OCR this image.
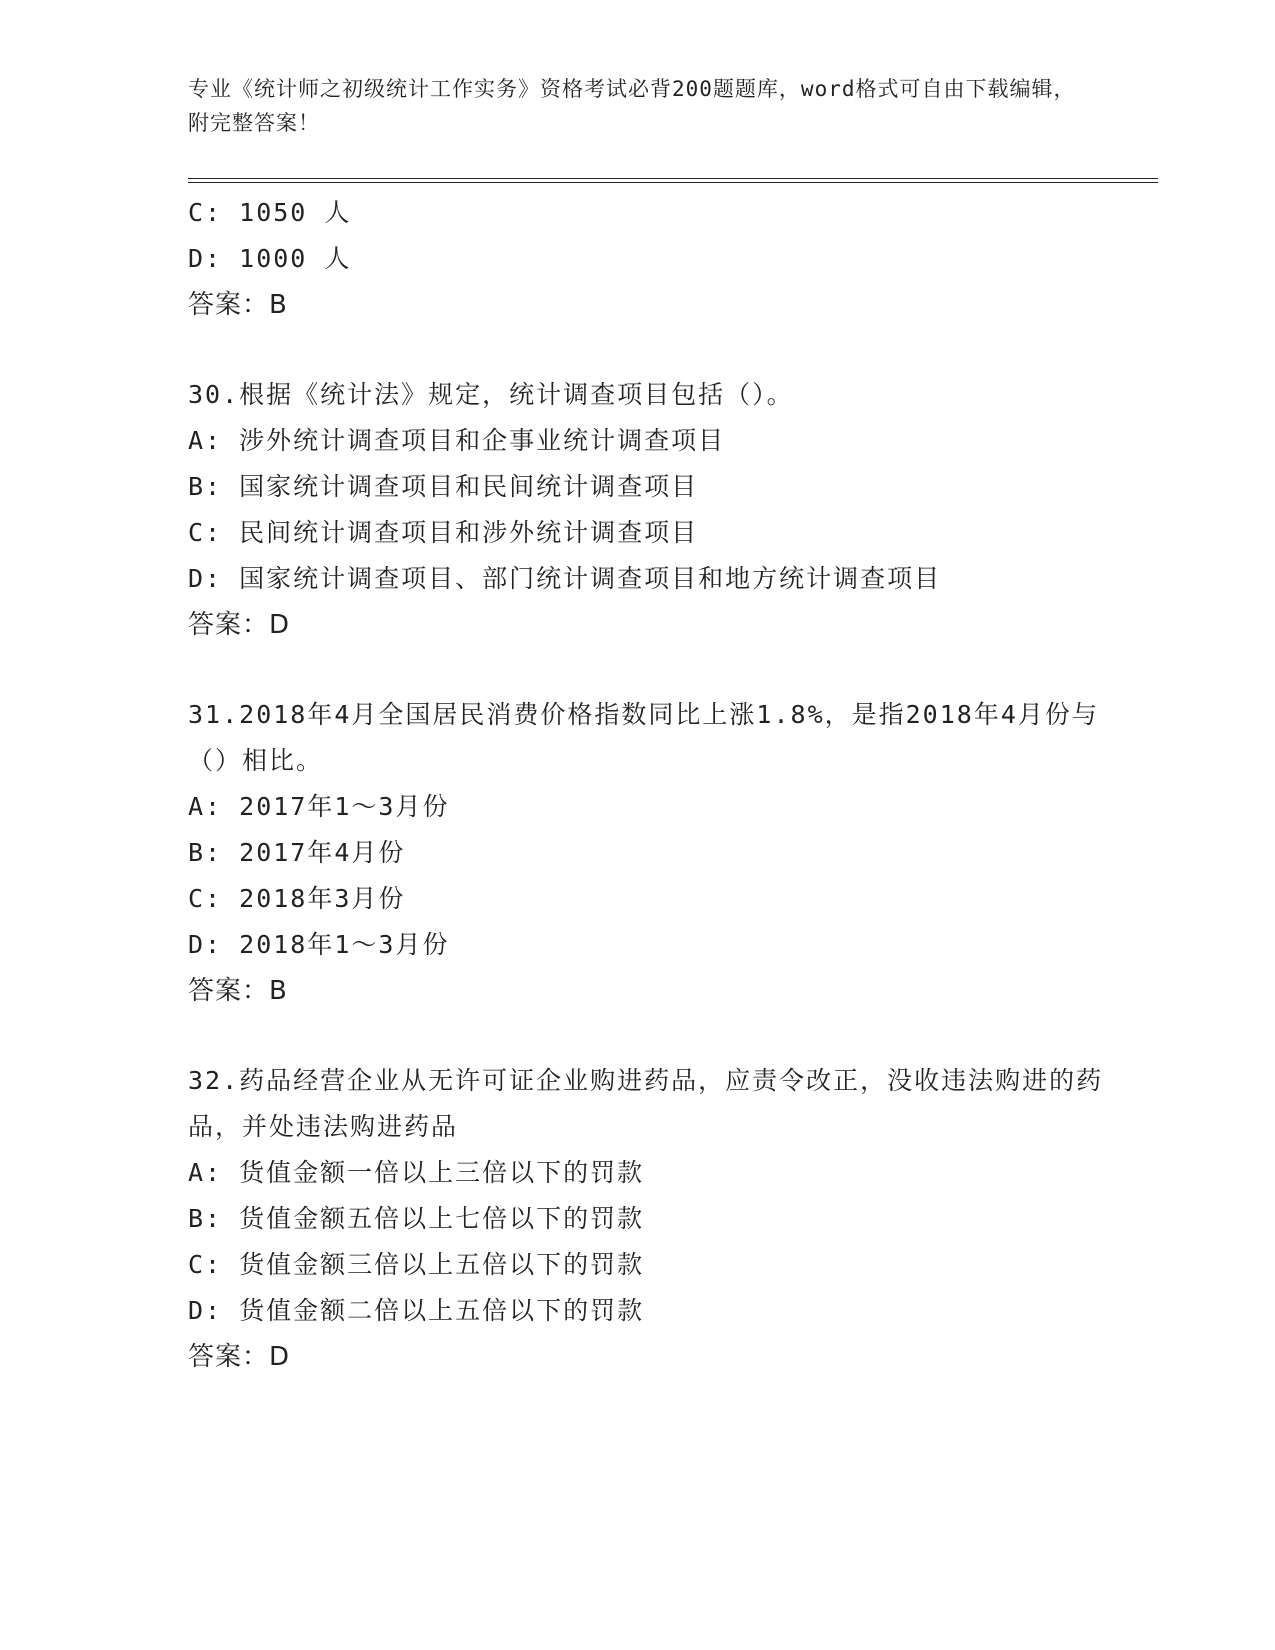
专业《统计师之初级统计工作实务》资格考试必背200题题库，word格式可自由下载编辑，附完整答案！
C: 1050 人
D: 1000 人
答案：B
30.根据《统计法》规定，统计调查项目包括（）。
A: 涉外统计调查项目和企事业统计调查项目
B: 国家统计调查项目和民间统计调查项目
C: 民间统计调查项目和涉外统计调查项目
D: 国家统计调查项目、部门统计调查项目和地方统计调查项目
答案：D
31.2018年4月全国居民消费价格指数同比上涨1.8%，是指2018年4月份与（）相比。
A: 2017年1～3月份
B: 2017年4月份
C: 2018年3月份
D: 2018年1～3月份
答案：B
32.药品经营企业从无许可证企业购进药品，应责令改正，没收违法购进的药品，并处违法购进药品
A: 货值金额一倍以上三倍以下的罚款
B: 货值金额五倍以上七倍以下的罚款
C: 货值金额三倍以上五倍以下的罚款
D: 货值金额二倍以上五倍以下的罚款
答案：D
